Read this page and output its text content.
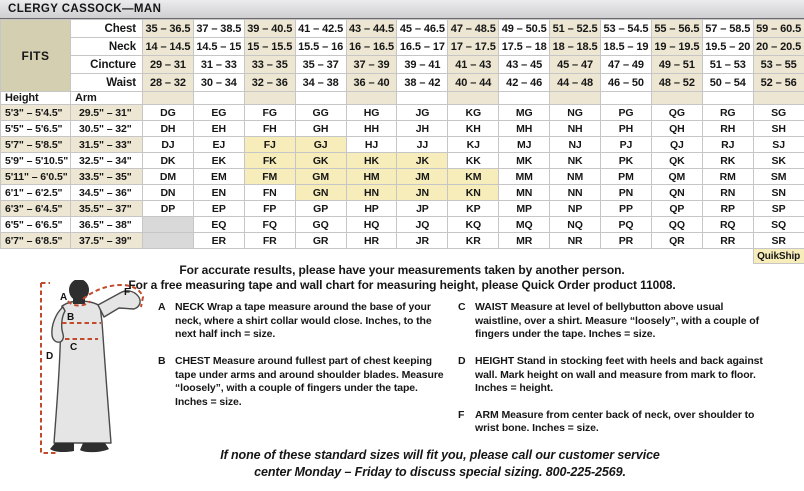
CLERGY CASSOCK—MAN
FITS	Chest	35 – 36.5	37 – 38.5	39 – 40.5	41 – 42.5	43 – 44.5	45 – 46.5	47 – 48.5	49 – 50.5	51 – 52.5	53 – 54.5	55 – 56.5	57 – 58.5	59 – 60.5
	Neck	14 – 14.5	14.5 – 15	15 – 15.5	15.5 – 16	16 – 16.5	16.5 – 17	17 – 17.5	17.5 – 18	18 – 18.5	18.5 – 19	19 – 19.5	19.5 – 20	20 – 20.5
	Cincture	29 – 31	31 – 33	33 – 35	35 – 37	37 – 39	39 – 41	41 – 43	43 – 45	45 – 47	47 – 49	49 – 51	51 – 53	53 – 55
	Waist	28 – 32	30 – 34	32 – 36	34 – 38	36 – 40	38 – 42	40 – 44	42 – 46	44 – 48	46 – 50	48 – 52	50 – 54	52 – 56
Height	Arm													
5'3" – 5'4.5"	29.5" – 31"	DG	EG	FG	GG	HG	JG	KG	MG	NG	PG	QG	RG	SG
5'5" – 5'6.5"	30.5" – 32"	DH	EH	FH	GH	HH	JH	KH	MH	NH	PH	QH	RH	SH
5'7" – 5'8.5"	31.5" – 33"	DJ	EJ	FJ	GJ	HJ	JJ	KJ	MJ	NJ	PJ	QJ	RJ	SJ
5'9" – 5'10.5"	32.5" – 34"	DK	EK	FK	GK	HK	JK	KK	MK	NK	PK	QK	RK	SK
5'11" – 6'0.5"	33.5" – 35"	DM	EM	FM	GM	HM	JM	KM	MM	NM	PM	QM	RM	SM
6'1" – 6'2.5"	34.5" – 36"	DN	EN	FN	GN	HN	JN	KN	MN	NN	PN	QN	RN	SN
6'3" – 6'4.5"	35.5" – 37"	DP	EP	FP	GP	HP	JP	KP	MP	NP	PP	QP	RP	SP
6'5" – 6'6.5"	36.5" – 38"		EQ	FQ	GQ	HQ	JQ	KQ	MQ	NQ	PQ	QQ	RQ	SQ
6'7" – 6'8.5"	37.5" – 39"		ER	FR	GR	HR	JR	KR	MR	NR	PR	QR	RR	SR
														QuikShip
For accurate results, please have your measurements taken by another person.
For a free measuring tape and wall chart for measuring height, please Quick Order product 11008.
A
B
C
D
F
A NECK Wrap a tape measure around the base of your neck, where a shirt collar would close. Inches, to the next half inch = size.
B CHEST Measure around fullest part of chest keeping tape under arms and around shoulder blades. Measure “loosely”, with a couple of fingers under the tape. Inches = size.
C WAIST Measure at level of bellybutton above usual waistline, over a shirt. Measure “loosely”, with a couple of fingers under the tape. Inches = size.
D HEIGHT Stand in stocking feet with heels and back against wall. Mark height on wall and measure from mark to floor. Inches = height.
F	ARM Measure from center back of neck, over shoulder to wrist bone. Inches = size.
If none of these standard sizes will fit you, please call our customer service
center Monday – Friday to discuss special sizing. 800-225-2569.
